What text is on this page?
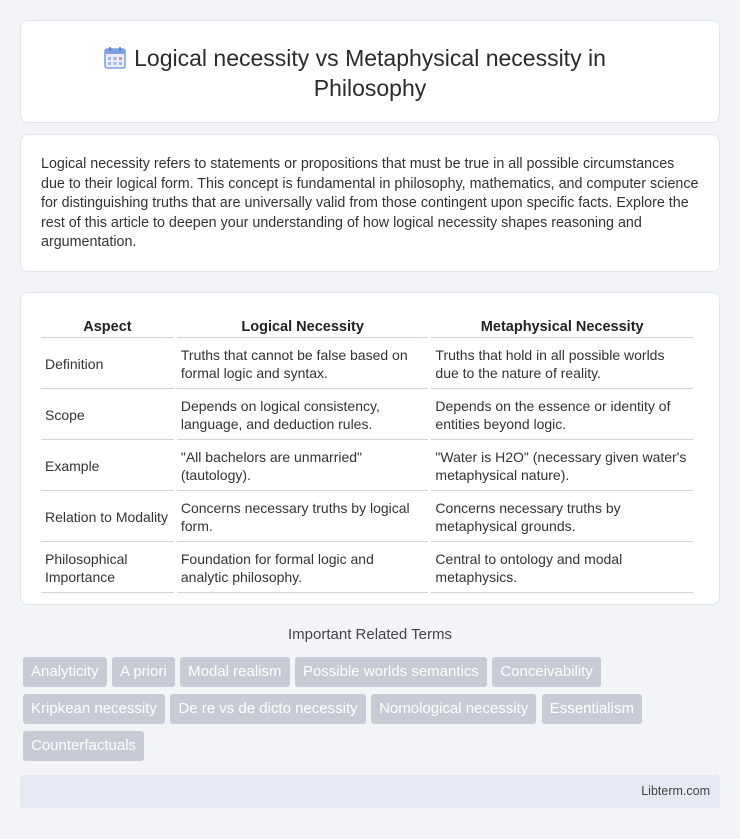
Logical necessity vs Metaphysical necessity in Philosophy

Logical necessity refers to statements or propositions that must be true in all possible circumstances due to their logical form. This concept is fundamental in philosophy, mathematics, and computer science for distinguishing truths that are universally valid from those contingent upon specific facts. Explore the rest of this article to deepen your understanding of how logical necessity shapes reasoning and argumentation.

Aspect	Logical Necessity	Metaphysical Necessity
Definition	Truths that cannot be false based on formal logic and syntax.	Truths that hold in all possible worlds due to the nature of reality.
Scope	Depends on logical consistency, language, and deduction rules.	Depends on the essence or identity of entities beyond logic.
Example	"All bachelors are unmarried" (tautology).	"Water is H2O" (necessary given water's metaphysical nature).
Relation to Modality	Concerns necessary truths by logical form.	Concerns necessary truths by metaphysical grounds.
Philosophical Importance	Foundation for formal logic and analytic philosophy.	Central to ontology and modal metaphysics.
Important Related Terms
Analyticity A priori Modal realism Possible worlds semantics Conceivability Kripkean necessity De re vs de dicto necessity Nomological necessity Essentialism Counterfactuals
Libterm.com
